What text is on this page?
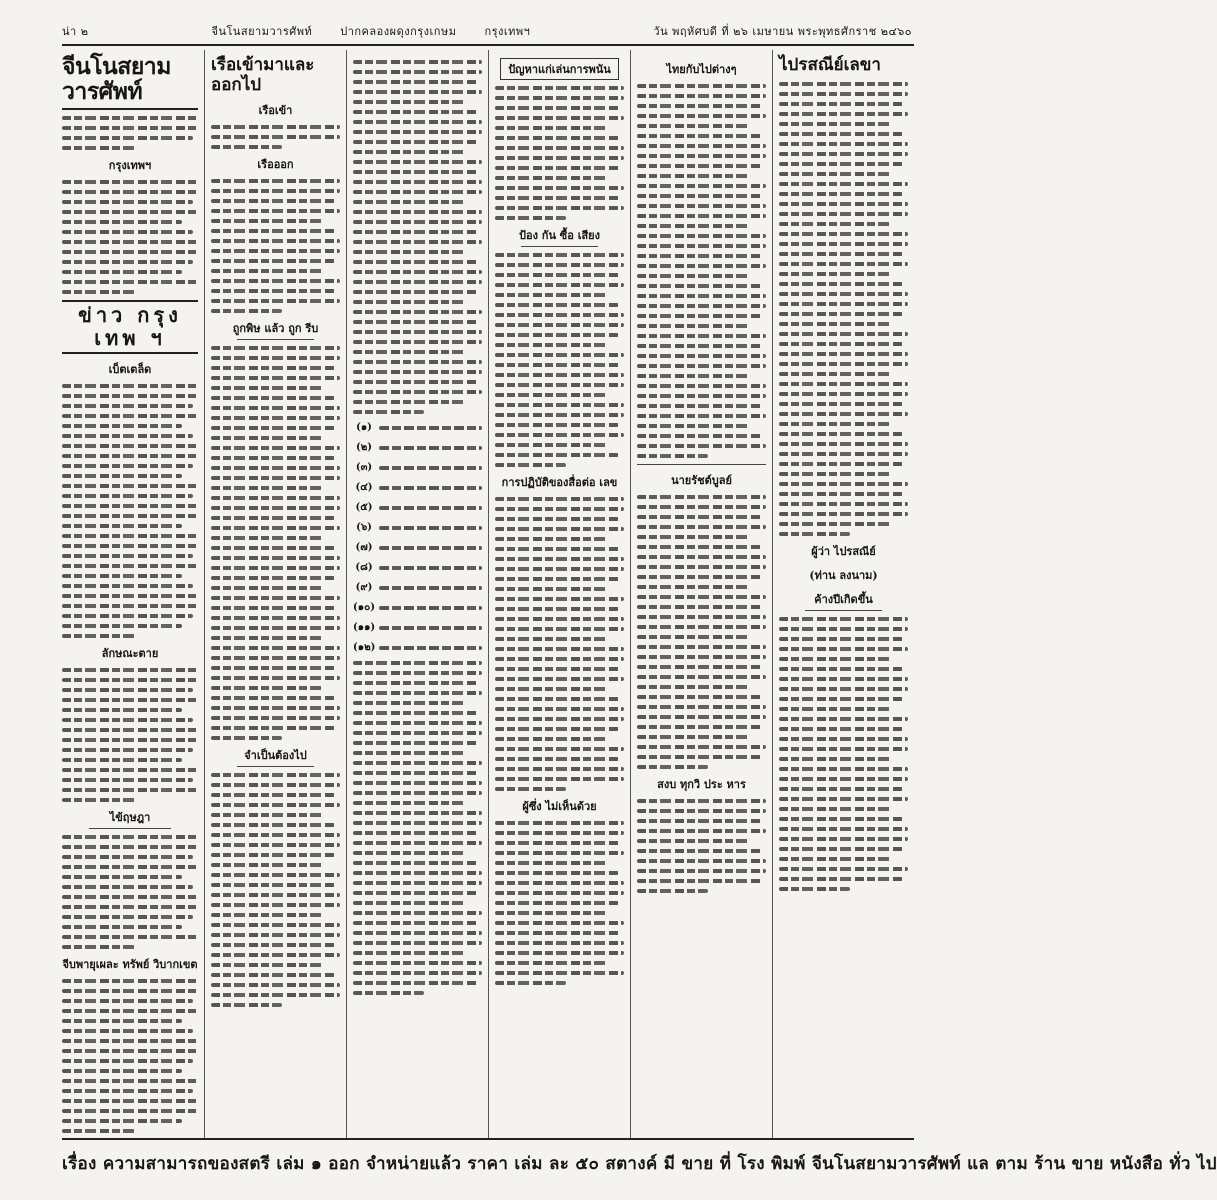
น่า ๒	จีนโนสยามวารศัพท์	ปากคลองผดุงกรุงเกษม	กรุงเทพฯ	วัน พฤหัศบดี ที่ ๒๖ เมษายน พระพุทธศักราช ๒๔๖๐
จีนโนสยามวารศัพท์
กรุงเทพฯ
ข่าว กรุง เทพ ฯ
เบ็ตเตล็ด
ลักษณะตาย
ไข้ฤษฎา
จีบพายุเผละ ทรัพย์ วิบากเขต
เรือเข้ามาและออกไป
เรือเข้า
เรือออก
ถูกพิษ แล้ว ถูก รีบ
จำเป็นต้องไป
(๑)
(๒)
(๓)
(๔)
(๕)
(๖)
(๗)
(๘)
(๙)
(๑๐)
(๑๑)
(๑๒)
ปัญหาแก่เล่นการพนัน
ป้อง กัน ซื้อ เสียง
การปฏิบัติของสื่อต่อ เลข
ผู้ซึ่ง ไม่เห็นด้วย
ไทยกับไปต่างๆ
นายรัชต์บูลย์
สงบ ทุกวิ ประ หาร
ไปรสณีย์เลขา
ผู้ว่า ไปรสณีย์
(ท่าน ลงนาม)
ค้างปีเกิดขึ้น
เรื่อง ความสามารถของสตรี เล่ม ๑ ออก จำหน่ายแล้ว ราคา เล่ม ละ ๕๐ สตางค์ มี ขาย ที่ โรง พิมพ์ จีนโนสยามวารศัพท์ แล ตาม ร้าน ขาย หนังสือ ทั่ว ไป
